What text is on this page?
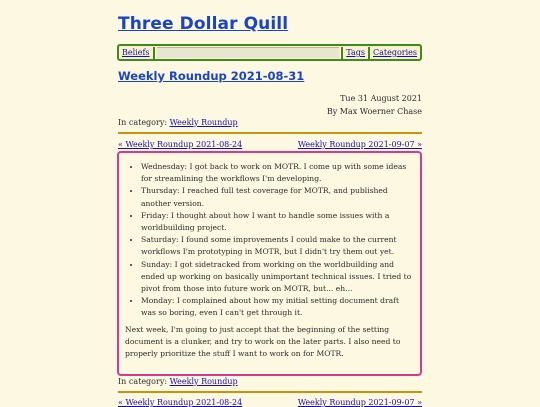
Three Dollar Quill
Beliefs	Tags	Categories
Weekly Roundup 2021-08-31
Tue 31 August 2021
By Max Woerner Chase
In category: Weekly Roundup
« Weekly Roundup 2021-08-24	Weekly Roundup 2021-09-07 »
• Wednesday: I got back to work on MOTR. I come up with some ideas for streamlining the workflows I'm developing.
• Thursday: I reached full test coverage for MOTR, and published another version.
• Friday: I thought about how I want to handle some issues with a worldbuilding project.
• Saturday: I found some improvements I could make to the current workflows I'm prototyping in MOTR, but I didn't try them out yet.
• Sunday: I got sidetracked from working on the worldbuilding and ended up working on basically unimportant technical issues. I tried to pivot from those into future work on MOTR, but... eh...
• Monday: I complained about how my initial setting document draft was so boring, even I can't get through it.

Next week, I'm going to just accept that the beginning of the setting document is a clunker, and try to work on the later parts. I also need to properly prioritize the stuff I want to work on for MOTR.

In category: Weekly Roundup
« Weekly Roundup 2021-08-24	Weekly Roundup 2021-09-07 »
